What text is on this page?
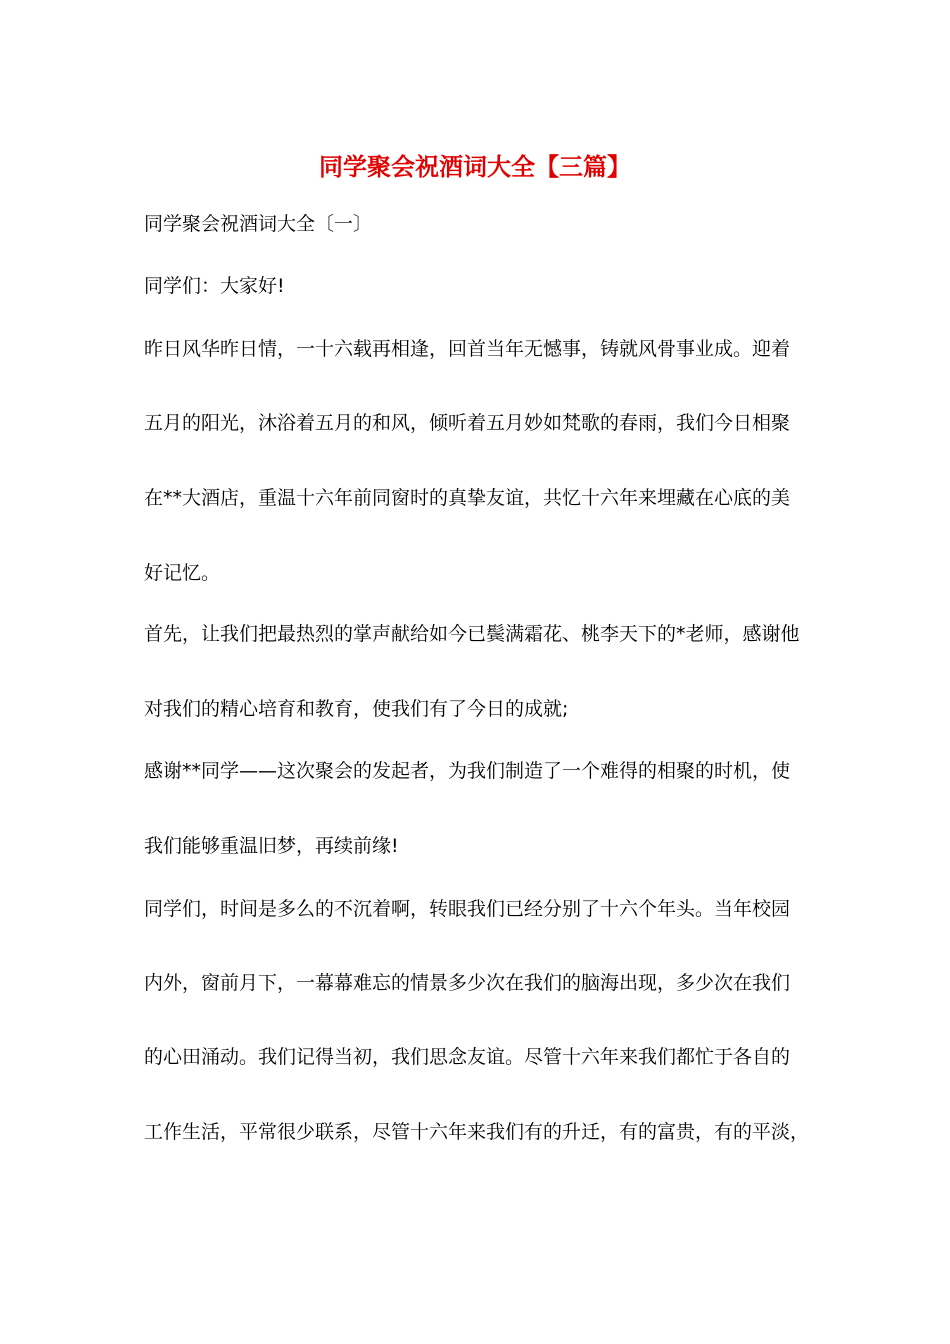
同学聚会祝酒词大全【三篇】
同学聚会祝酒词大全〔一〕
同学们：大家好!
昨日风华昨日情，一十六载再相逢，回首当年无憾事，铸就风骨事业成。迎着
五月的阳光，沐浴着五月的和风，倾听着五月妙如梵歌的春雨，我们今日相聚
在**大酒店，重温十六年前同窗时的真挚友谊，共忆十六年来埋藏在心底的美
好记忆。
首先，让我们把最热烈的掌声献给如今已鬓满霜花、桃李天下的*老师，感谢他
对我们的精心培育和教育，使我们有了今日的成就;
感谢**同学——这次聚会的发起者，为我们制造了一个难得的相聚的时机，使
我们能够重温旧梦，再续前缘!
同学们，时间是多么的不沉着啊，转眼我们已经分别了十六个年头。当年校园
内外，窗前月下，一幕幕难忘的情景多少次在我们的脑海出现，多少次在我们
的心田涌动。我们记得当初，我们思念友谊。尽管十六年来我们都忙于各自的
工作生活，平常很少联系，尽管十六年来我们有的升迁，有的富贵，有的平淡，
